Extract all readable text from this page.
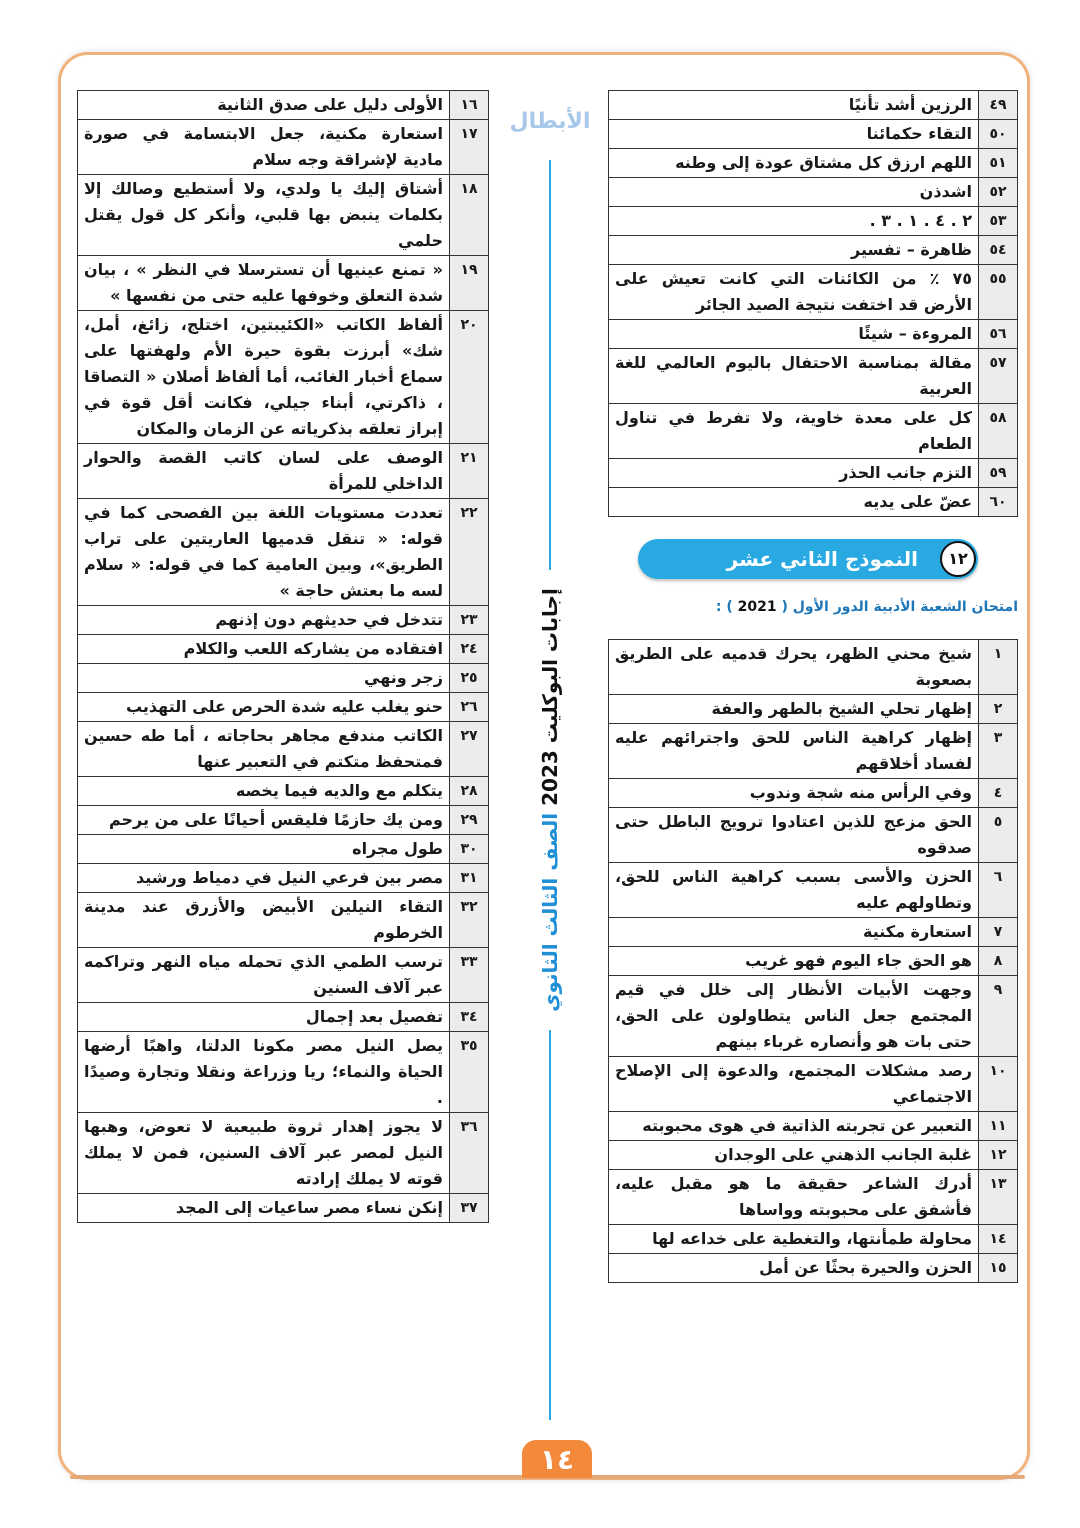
١٤
إجابات البوكليت 2023 الصف الثالث الثانوي
١٦	الأولى دليل على صدق الثانية
١٧	استعارة مكنية، جعل الابتسامة في صورة مادية لإشراقة وجه سلام
١٨	أشتاق إليك يا ولدي، ولا أستطيع وصالك إلا بكلمات ينبض بها قلبي، وأنكر كل قول يقتل حلمي
١٩	« تمنع عينيها أن تسترسلا في النظر » ، بيان شدة التعلق وخوفها عليه حتى من نفسها »
٢٠	ألفاظ الكاتب «الكئيبتين، اختلج، زائغ، أمل، شك» أبرزت بقوة حيرة الأم ولهفتها على سماع أخبار الغائب، أما ألفاظ أصلان « التصاقا ، ذاكرتي، أبناء جيلي، فكانت أقل قوة في إبراز تعلقه بذكرياته عن الزمان والمكان
٢١	الوصف على لسان كاتب القصة والحوار الداخلي للمرأة
٢٢	تعددت مستويات اللغة بين الفصحى كما في قوله: « تنقل قدميها العاريتين على تراب الطريق»، وبين العامية كما في قوله: « سلام لسه ما بعتش حاجة »
٢٣	تتدخل في حديثهم دون إذنهم
٢٤	افتقاده من يشاركه اللعب والكلام
٢٥	زجر ونهي
٢٦	حنو يغلب عليه شدة الحرص على التهذيب
٢٧	الكاتب مندفع مجاهر بحاجاته ، أما طه حسين فمتحفظ متكتم في التعبير عنها
٢٨	يتكلم مع والديه فيما يخصه
٢٩	ومن يك حازمًا فليقس أحيانًا على من يرحم
٣٠	طول مجراه
٣١	مصر بين فرعي النيل في دمياط ورشيد
٣٢	التقاء النيلين الأبيض والأزرق عند مدينة الخرطوم
٣٣	ترسب الطمي الذي تحمله مياه النهر وتراكمه عبر آلاف السنين
٣٤	تفصيل بعد إجمال
٣٥	يصل النيل مصر مكونا الدلتا، واهبًا أرضها الحياة والنماء؛ ريا وزراعة ونقلا وتجارة وصيدًا .
٣٦	لا يجوز إهدار ثروة طبيعية لا تعوض، وهبها النيل لمصر عبر آلاف السنين، فمن لا يملك قوته لا يملك إرادته
٣٧	إنكن نساء مصر ساعيات إلى المجد
٤٩	الرزين أشد تأنيًا
٥٠	التقاء حكمائنا
٥١	اللهم ارزق كل مشتاق عودة إلى وطنه
٥٢	اشدذن
٥٣	٢ . ٤ . ١ . ٣ .
٥٤	ظاهرة – تفسير
٥٥	٧٥ ٪ من الكائنات التي كانت تعيش على الأرض قد اختفت نتيجة الصيد الجائر
٥٦	المروءة – شيئًا
٥٧	مقالة بمناسبة الاحتفال باليوم العالمي للغة العربية
٥٨	كل على معدة خاوية، ولا تفرط في تناول الطعام
٥٩	التزم جانب الحذر
٦٠	عضّ على يديه
١٢
النموذج الثاني عشر
امتحان الشعبة الأدبية الدور الأول ( 2021 ) :
١	شيخ محني الظهر، يحرك قدميه على الطريق بصعوبة
٢	إظهار تحلي الشيخ بالطهر والعفة
٣	إظهار كراهية الناس للحق واجترائهم عليه لفساد أخلاقهم
٤	وفي الرأس منه شجة وندوب
٥	الحق مزعج للذين اعتادوا ترويج الباطل حتى صدقوه
٦	الحزن والأسى بسبب كراهية الناس للحق، وتطاولهم عليه
٧	استعارة مكنية
٨	هو الحق جاء اليوم فهو غريب
٩	وجهت الأبيات الأنظار إلى خلل في قيم المجتمع جعل الناس يتطاولون على الحق، حتى بات هو وأنصاره غرباء بينهم
١٠	رصد مشكلات المجتمع، والدعوة إلى الإصلاح الاجتماعي
١١	التعبير عن تجربته الذاتية في هوى محبوبته
١٢	غلبة الجانب الذهني على الوجدان
١٣	أدرك الشاعر حقيقة ما هو مقبل عليه، فأشفق على محبوبته وواساها
١٤	محاولة طمأنتها، والتغطية على خداعه لها
١٥	الحزن والحيرة بحثًا عن أمل
الأبطال
